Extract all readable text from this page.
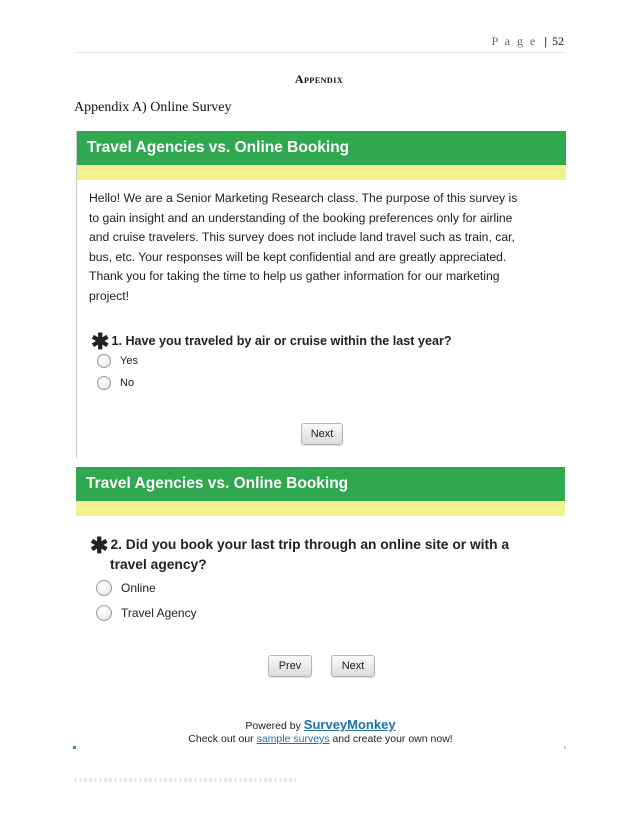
P a g e | 52
Appendix
Appendix A) Online Survey
Travel Agencies vs. Online Booking
Hello! We are a Senior Marketing Research class. The purpose of this survey is
to gain insight and an understanding of the booking preferences only for airline
and cruise travelers. This survey does not include land travel such as train, car,
bus, etc. Your responses will be kept confidential and are greatly appreciated.
Thank you for taking the time to help us gather information for our marketing
project!
✱ 1. Have you traveled by air or cruise within the last year?
Yes
No
Next
Travel Agencies vs. Online Booking
✱ 2. Did you book your last trip through an online site or with a
travel agency?
Online
Travel Agency
Prev	Next
Powered by SurveyMonkey
Check out our sample surveys and create your own now!
